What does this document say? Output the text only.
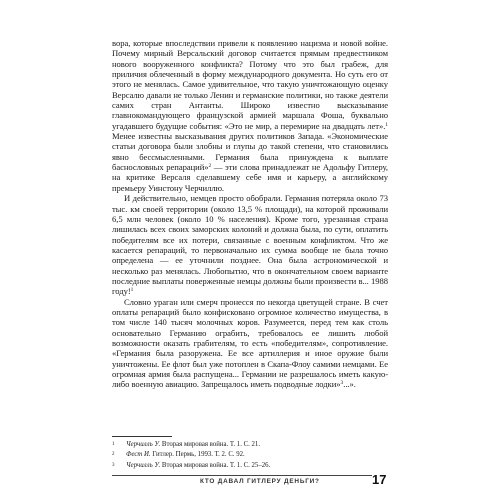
вора, которые впоследствии привели к появлению нацизма и новой войне. Почему мирный Версальский договор считается прямым предвестником нового вооруженного конфликта? Потому что это был грабеж, для приличия облеченный в форму международного документа. Но суть его от этого не менялась. Самое удивительное, что такую уничтожающую оценку Версалю давали не только Ленин и германские политики, но также деятели самих стран Антанты. Широко известно высказывание главнокомандующего французской армией маршала Фоша, буквально угадавшего будущие события: «Это не мир, а перемирие на двадцать лет».$^1$ Менее известны высказывания других политиков Запада. «Экономические статьи договора были злобны и глупы до такой степени, что становились явно бессмысленными. Германия была принуждена к выплате баснословных репараций»$^2$ — эти слова принадлежат не Адольфу Гитлеру, на критике Версаля сделавшему себе имя и карьеру, а английскому премьеру Уинстону Черчиллю.

И действительно, немцев просто обобрали. Германия потеряла около 73 тыс. км своей территории (около 13,5 % площади), на которой проживали 6,5 млн человек (около 10 % населения). Кроме того, урезанная страна лишилась всех своих заморских колоний и должна была, по сути, оплатить победителям все их потери, связанные с военным конфликтом. Что же касается репараций, то первоначально их сумма вообще не была точно определена — ее уточнили позднее. Она была астрономической и несколько раз менялась. Любопытно, что в окончательном своем варианте последние выплаты поверженные немцы должны были произвести в... 1988 году!$^1$

Словно ураган или смерч пронесся по некогда цветущей стране. В счет оплаты репараций было конфисковано огромное количество имущества, в том числе 140 тысяч молочных коров. Разумеется, перед тем как столь основательно Германию ограбить, требовалось ее лишить любой возможности оказать грабителям, то есть «победителям», сопротивление. «Германия была разоружена. Ее все артиллерия и иное оружие были уничтожены. Ее флот был уже потоплен в Скапа-Флоу самими немцами. Ее огромная армия была распущена... Германии не разрешалось иметь какую-либо военную авиацию. Запрещалось иметь подводные лодки»$^3$...».

1 Черчилль У. Вторая мировая война. Т. 1. С. 21.
2 Фест И. Гитлер. Пермь, 1993. Т. 2. С. 92.
3 Черчилль У. Вторая мировая война. Т. 1. С. 25–26.
КТО ДАВАЛ ГИТЛЕРУ ДЕНЬГИ?	17
